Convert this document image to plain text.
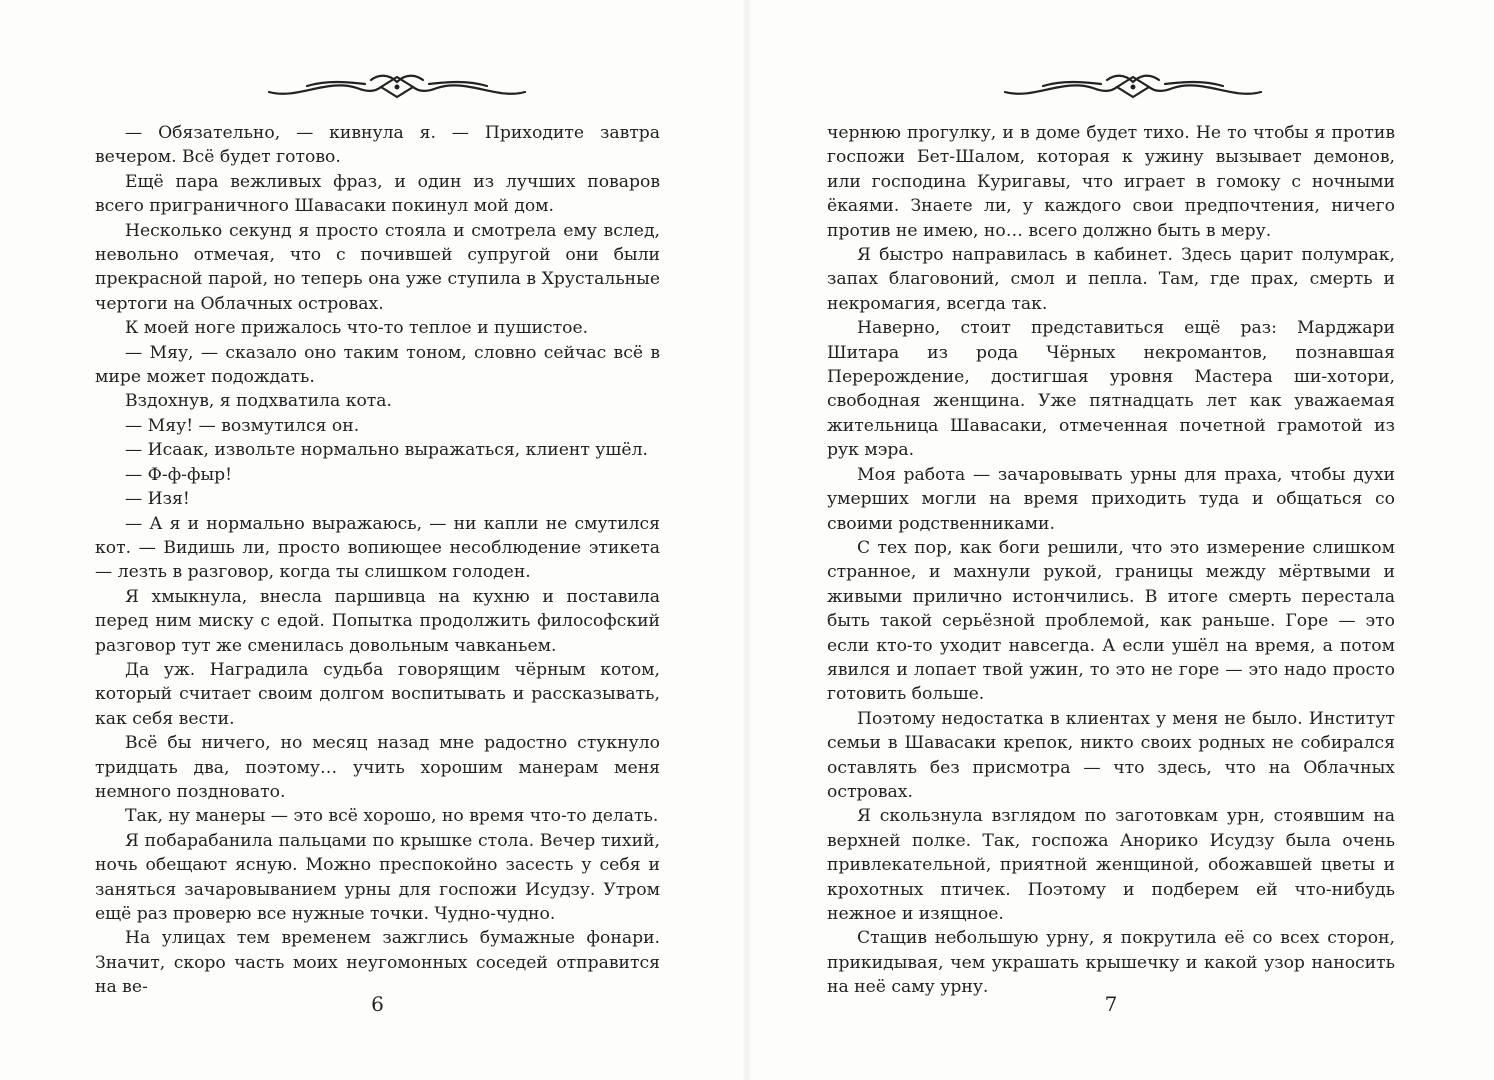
— Обязательно, — кивнула я. — Приходите завтра вечером. Всё будет готово.

Ещё пара вежливых фраз, и один из лучших поваров всего приграничного Шавасаки покинул мой дом.

Несколько секунд я просто стояла и смотрела ему вслед, невольно отмечая, что с почившей супругой они были прекрасной парой, но теперь она уже ступила в Хрустальные чертоги на Облачных островах.

К моей ноге прижалось что-то теплое и пушистое.

— Мяу, — сказало оно таким тоном, словно сейчас всё в мире может подождать.

Вздохнув, я подхватила кота.

— Мяу! — возмутился он.

— Исаак, извольте нормально выражаться, клиент ушёл.

— Ф-ф-фыр!

— Изя!

— А я и нормально выражаюсь, — ни капли не смутился кот. — Видишь ли, просто вопиющее несоблюдение этикета — лезть в разговор, когда ты слишком голоден.

Я хмыкнула, внесла паршивца на кухню и поставила перед ним миску с едой. Попытка продолжить философский разговор тут же сменилась довольным чавканьем.

Да уж. Наградила судьба говорящим чёрным котом, который считает своим долгом воспитывать и рассказывать, как себя вести.

Всё бы ничего, но месяц назад мне радостно стукнуло тридцать два, поэтому… учить хорошим манерам меня немного поздновато.

Так, ну манеры — это всё хорошо, но время что-то делать.

Я побарабанила пальцами по крышке стола. Вечер тихий, ночь обещают ясную. Можно преспокойно засесть у себя и заняться зачаровыванием урны для госпожи Исудзу. Утром ещё раз проверю все нужные точки. Чудно-чудно.

На улицах тем временем зажглись бумажные фонари. Значит, скоро часть моих неугомонных соседей отправится на ве-

6

чернюю прогулку, и в доме будет тихо. Не то чтобы я против госпожи Бет-Шалом, которая к ужину вызывает демонов, или господина Куригавы, что играет в гомоку с ночными ёкаями. Знаете ли, у каждого свои предпочтения, ничего против не имею, но… всего должно быть в меру.

Я быстро направилась в кабинет. Здесь царит полумрак, запах благовоний, смол и пепла. Там, где прах, смерть и некромагия, всегда так.

Наверно, стоит представиться ещё раз: Марджари Шитара из рода Чёрных некромантов, познавшая Перерождение, достигшая уровня Мастера ши-хотори, свободная женщина. Уже пятнадцать лет как уважаемая жительница Шавасаки, отмеченная почетной грамотой из рук мэра.

Моя работа — зачаровывать урны для праха, чтобы духи умерших могли на время приходить туда и общаться со своими родственниками.

С тех пор, как боги решили, что это измерение слишком странное, и махнули рукой, границы между мёртвыми и живыми прилично истончились. В итоге смерть перестала быть такой серьёзной проблемой, как раньше. Горе — это если кто-то уходит навсегда. А если ушёл на время, а потом явился и лопает твой ужин, то это не горе — это надо просто готовить больше.

Поэтому недостатка в клиентах у меня не было. Институт семьи в Шавасаки крепок, никто своих родных не собирался оставлять без присмотра — что здесь, что на Облачных островах.

Я скользнула взглядом по заготовкам урн, стоявшим на верхней полке. Так, госпожа Анорико Исудзу была очень привлекательной, приятной женщиной, обожавшей цветы и крохотных птичек. Поэтому и подберем ей что-нибудь нежное и изящное.

Стащив небольшую урну, я покрутила её со всех сторон, прикидывая, чем украшать крышечку и какой узор наносить на неё саму урну.

7
